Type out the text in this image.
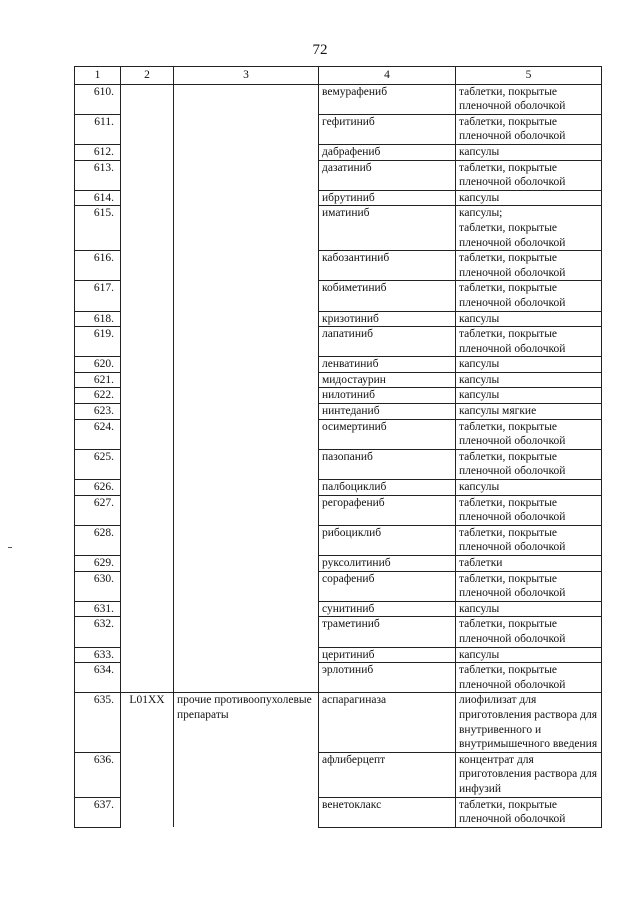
72
1	2	3	4	5
610.			вемурафениб	таблетки, покрытые пленочной оболочкой
611.			гефитиниб	таблетки, покрытые пленочной оболочкой
612.			дабрафениб	капсулы
613.			дазатиниб	таблетки, покрытые пленочной оболочкой
614.			ибрутиниб	капсулы
615.			иматиниб	капсулы;
таблетки, покрытые пленочной оболочкой
616.			кабозантиниб	таблетки, покрытые пленочной оболочкой
617.			кобиметиниб	таблетки, покрытые пленочной оболочкой
618.			кризотиниб	капсулы
619.			лапатиниб	таблетки, покрытые пленочной оболочкой
620.			ленватиниб	капсулы
621.			мидостаурин	капсулы
622.			нилотиниб	капсулы
623.			нинтеданиб	капсулы мягкие
624.			осимертиниб	таблетки, покрытые пленочной оболочкой
625.			пазопаниб	таблетки, покрытые пленочной оболочкой
626.			палбоциклиб	капсулы
627.			регорафениб	таблетки, покрытые пленочной оболочкой
628.			рибоциклиб	таблетки, покрытые пленочной оболочкой
629.			руксолитиниб	таблетки
630.			сорафениб	таблетки, покрытые пленочной оболочкой
631.			сунитиниб	капсулы
632.			траметиниб	таблетки, покрытые пленочной оболочкой
633.			церитиниб	капсулы
634.			эрлотиниб	таблетки, покрытые пленочной оболочкой
635.	L01XX	прочие противоопухолевые препараты	аспарагиназа	лиофилизат для приготовления раствора для внутривенного и внутримышечного введения
636.			афлиберцепт	концентрат для приготовления раствора для инфузий
637.			венетоклакс	таблетки, покрытые пленочной оболочкой
